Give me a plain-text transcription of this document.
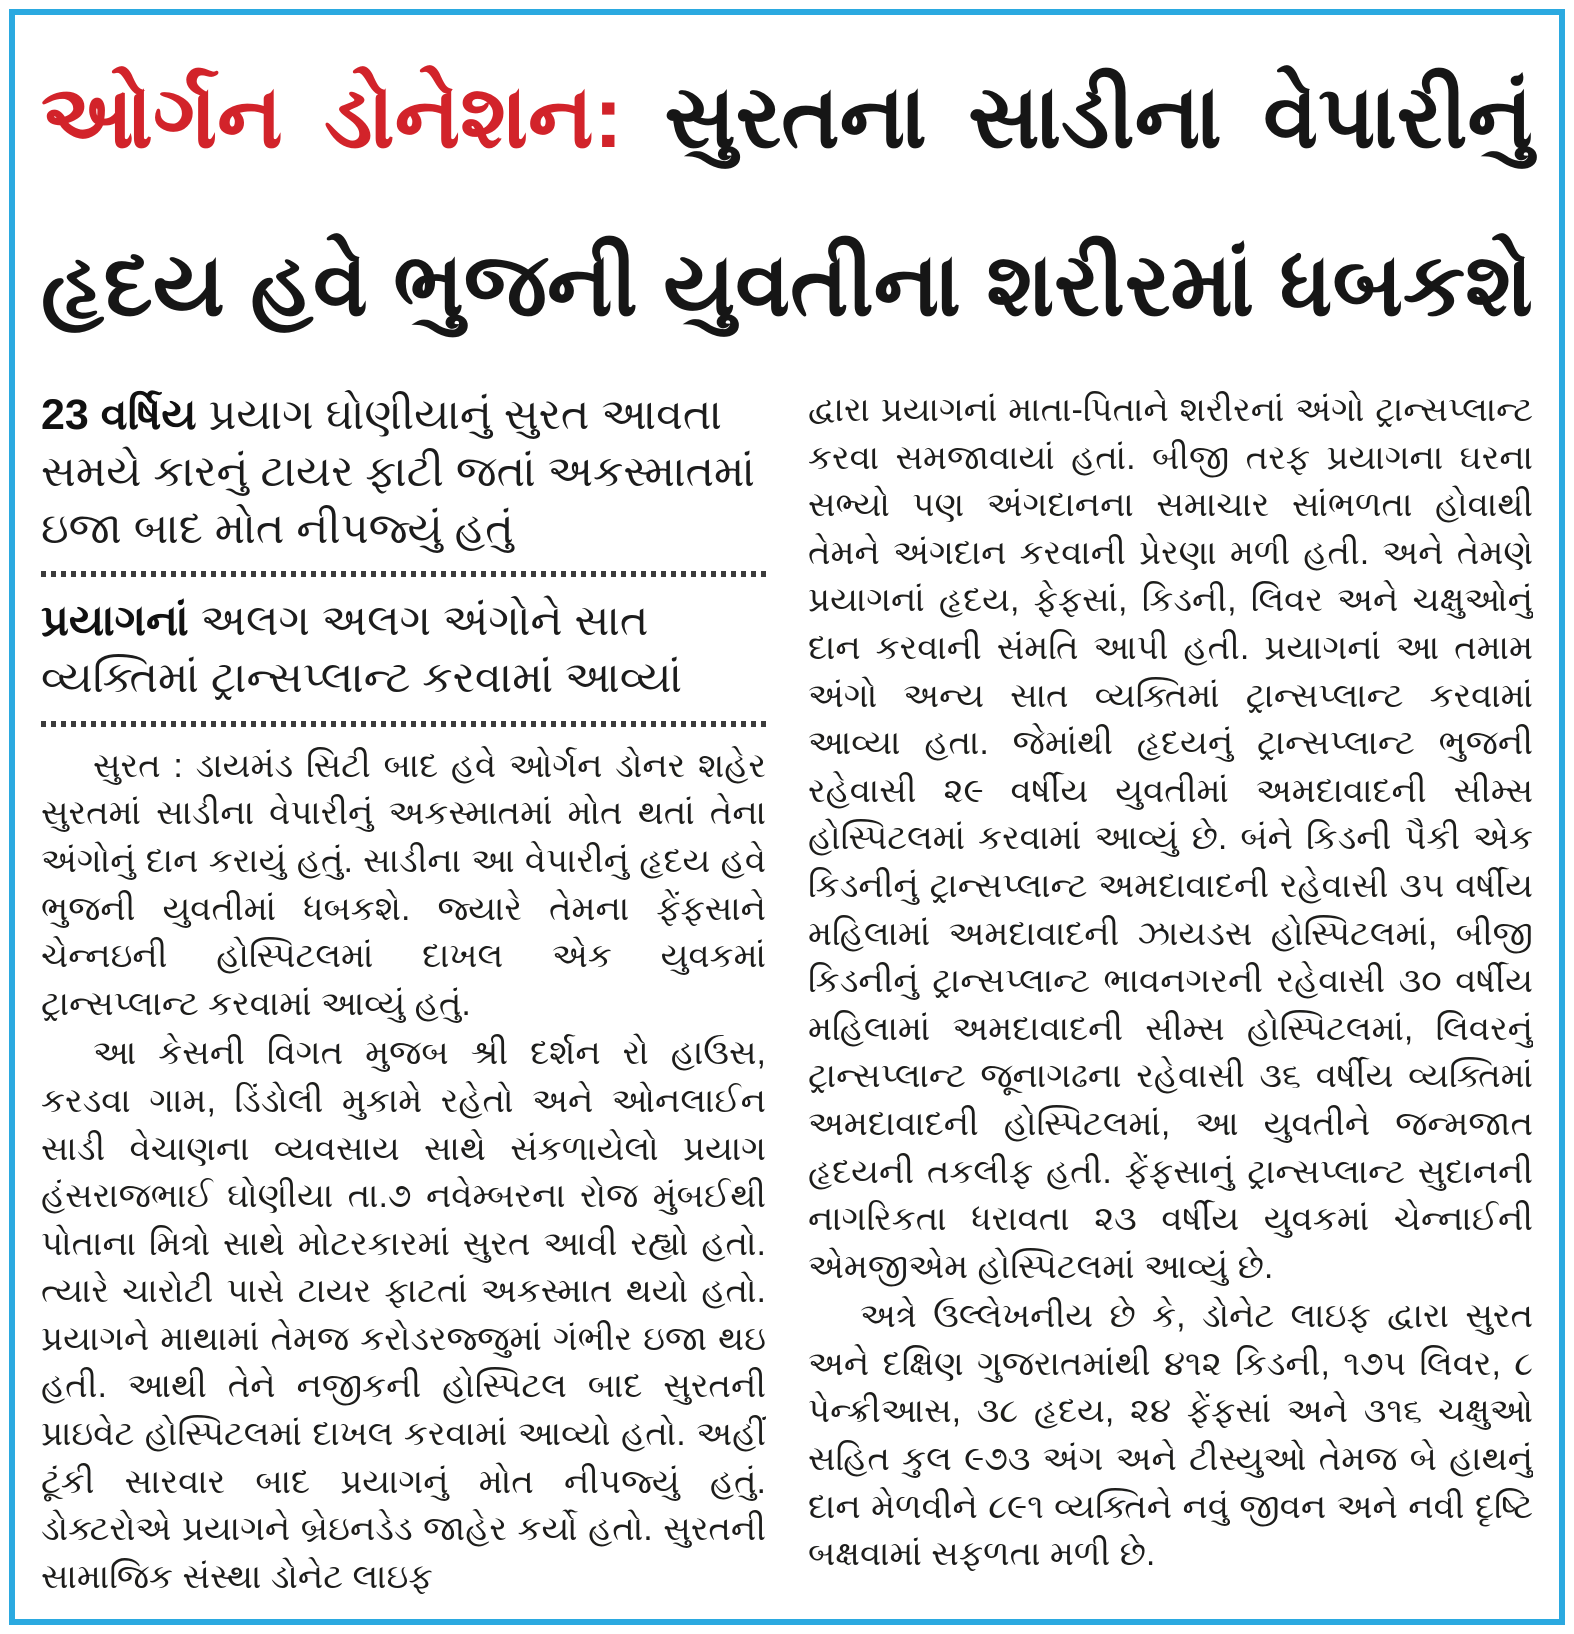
ઓર્ગન ડોનેશન: સુરતના સાડીના વેપારીનું
હૃદય હવે ભુજની યુવતીના શરીરમાં ધબકશે

23 વર્ષિય પ્રયાગ ઘોણીયાનું સુરત આવતા સમયે કારનું ટાયર ફાટી જતાં અકસ્માતમાં ઇજા બાદ મોત નીપજ્યું હતું

પ્રયાગનાં અલગ અલગ અંગોને સાત વ્યક્તિમાં ટ્રાન્સપ્લાન્ટ કરવામાં આવ્યાં

સુરત : ડાયમંડ સિટી બાદ હવે ઓર્ગન ડોનર શહેર સુરતમાં સાડીના વેપારીનું અકસ્માતમાં મોત થતાં તેના અંગોનું દાન કરાયું હતું. સાડીના આ વેપારીનું હૃદય હવે ભુજની યુવતીમાં ધબકશે. જ્યારે તેમના ફેંફસાને ચેન્નઇની હોસ્પિટલમાં દાખલ એક યુવકમાં ટ્રાન્સપ્લાન્ટ કરવામાં આવ્યું હતું.

આ કેસની વિગત મુજબ શ્રી દર્શન રો હાઉસ, કરડવા ગામ, ડિંડોલી મુકામે રહેતો અને ઓનલાઈન સાડી વેચાણના વ્યવસાય સાથે સંકળાયેલો પ્રયાગ હંસરાજભાઈ ઘોણીયા તા.૭ નવેમ્બરના રોજ મુંબઈથી પોતાના મિત્રો સાથે મોટરકારમાં સુરત આવી રહ્યો હતો. ત્યારે ચારોટી પાસે ટાયર ફાટતાં અકસ્માત થયો હતો. પ્રયાગને માથામાં તેમજ કરોડરજ્જુમાં ગંભીર ઇજા થઇ હતી. આથી તેને નજીકની હોસ્પિટલ બાદ સુરતની પ્રાઇવેટ હોસ્પિટલમાં દાખલ કરવામાં આવ્યો હતો. અહીં ટૂંકી સારવાર બાદ પ્રયાગનું મોત નીપજ્યું હતું. ડોક્ટરોએ પ્રયાગને બ્રેઇનડેડ જાહેર કર્યો હતો. સુરતની સામાજિક સંસ્થા ડોનેટ લાઇફ

દ્વારા પ્રયાગનાં માતા-પિતાને શરીરનાં અંગો ટ્રાન્સપ્લાન્ટ કરવા સમજાવાયાં હતાં. બીજી તરફ પ્રયાગના ઘરના સભ્યો પણ અંગદાનના સમાચાર સાંભળતા હોવાથી તેમને અંગદાન કરવાની પ્રેરણા મળી હતી. અને તેમણે પ્રયાગનાં હૃદય, ફેફસાં, કિડની, લિવર અને ચક્ષુઓનું દાન કરવાની સંમતિ આપી હતી. પ્રયાગનાં આ તમામ અંગો અન્ય સાત વ્યક્તિમાં ટ્રાન્સપ્લાન્ટ કરવામાં આવ્યા હતા. જેમાંથી હૃદયનું ટ્રાન્સપ્લાન્ટ ભુજની રહેવાસી ૨૯ વર્ષીય યુવતીમાં અમદાવાદની સીમ્સ હોસ્પિટલમાં કરવામાં આવ્યું છે. બંને કિડની પૈકી એક કિડનીનું ટ્રાન્સપ્લાન્ટ અમદાવાદની રહેવાસી ૩૫ વર્ષીય મહિલામાં અમદાવાદની ઝાયડસ હોસ્પિટલમાં, બીજી કિડનીનું ટ્રાન્સપ્લાન્ટ ભાવનગરની રહેવાસી ૩૦ વર્ષીય મહિલામાં અમદાવાદની સીમ્સ હોસ્પિટલમાં, લિવરનું ટ્રાન્સપ્લાન્ટ જૂનાગઢના રહેવાસી ૩૬ વર્ષીય વ્યક્તિમાં અમદાવાદની હોસ્પિટલમાં, આ યુવતીને જન્મજાત હૃદયની તકલીફ હતી. ફેંફસાનું ટ્રાન્સપ્લાન્ટ સુદાનની નાગરિકતા ધરાવતા ૨૩ વર્ષીય યુવકમાં ચેન્નાઈની એમજીએમ હોસ્પિટલમાં આવ્યું છે.

અત્રે ઉલ્લેખનીય છે કે, ડોનેટ લાઇફ દ્વારા સુરત અને દક્ષિણ ગુજરાતમાંથી ૪૧૨ કિડની, ૧૭૫ લિવર, ૮ પેન્ક્રીઆસ, ૩૮ હૃદય, ૨૪ ફેંફસાં અને ૩૧૬ ચક્ષુઓ સહિત કુલ ૯૭૩ અંગ અને ટીસ્યુઓ તેમજ બે હાથનું દાન મેળવીને ૮૯૧ વ્યક્તિને નવું જીવન અને નવી દૃષ્ટિ બક્ષવામાં સફળતા મળી છે.
